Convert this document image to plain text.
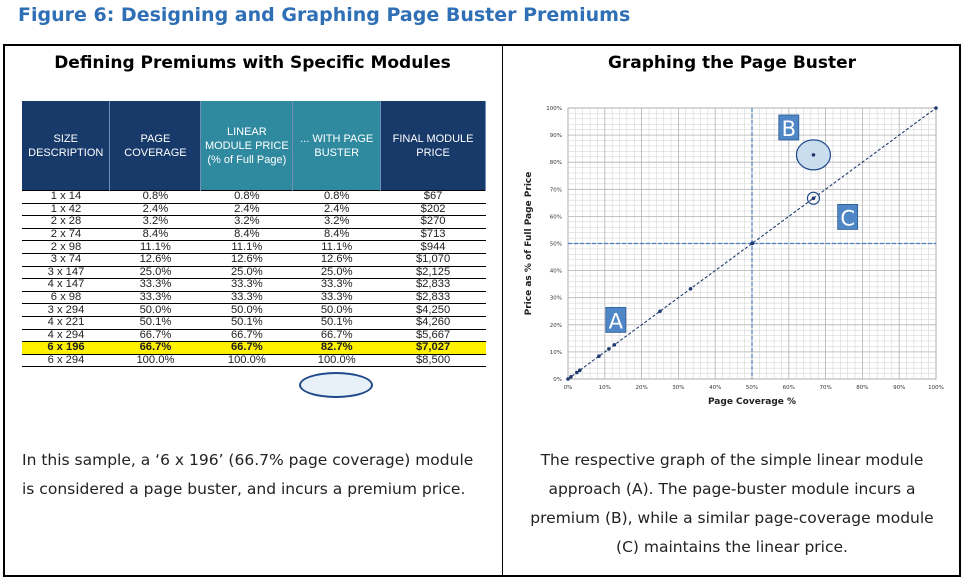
Figure 6: Designing and Graphing Page Buster Premiums
Defining Premiums with Specific Modules	Graphing the Page Buster
SIZE DESCRIPTION	PAGE COVERAGE	LINEAR MODULE PRICE (% of Full Page)	... WITH PAGE BUSTER	FINAL MODULE PRICE
1 x 14	0.8%	0.8%	0.8%	$67
1 x 42	2.4%	2.4%	2.4%	$202
2 x 28	3.2%	3.2%	3.2%	$270
2 x 74	8.4%	8.4%	8.4%	$713
2 x 98	11.1%	11.1%	11.1%	$944
3 x 74	12.6%	12.6%	12.6%	$1,070
3 x 147	25.0%	25.0%	25.0%	$2,125
4 x 147	33.3%	33.3%	33.3%	$2,833
6 x 98	33.3%	33.3%	33.3%	$2,833
3 x 294	50.0%	50.0%	50.0%	$4,250
4 x 221	50.1%	50.1%	50.1%	$4,260
4 x 294	66.7%	66.7%	66.7%	$5,667
6 x 196	66.7%	66.7%	82.7%	$7,027
6 x 294	100.0%	100.0%	100.0%	$8,500
In this sample, a ‘6 x 196’ (66.7% page coverage) module
is considered a page buster, and incurs a premium price.
The respective graph of the simple linear module
approach (A). The page-buster module incurs a
premium (B), while a similar page-coverage module
(C) maintains the linear price.
0%
10%
20%
30%
40%
50%
60%
70%
80%
90%
100%
0%	10%	20%	30%	40%	50%	60%	70%	80%	90%	100%
Page Coverage %
Price as % of Full Page Price
A
B
C
